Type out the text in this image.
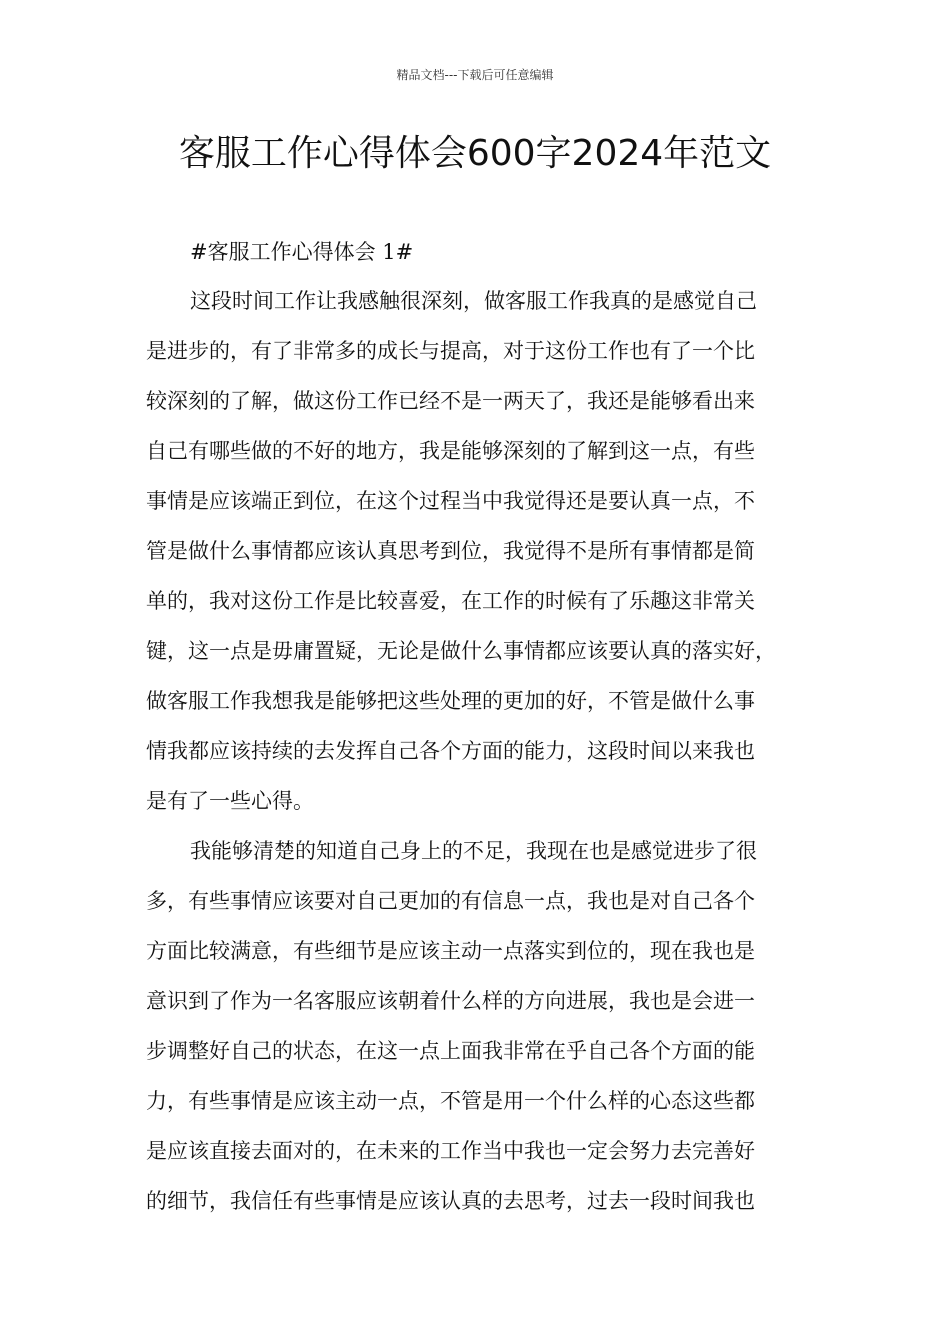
精品文档---下载后可任意编辑
客服工作心得体会600字2024年范文

#客服工作心得体会 1#

这段时间工作让我感触很深刻，做客服工作我真的是感觉自己
是进步的，有了非常多的成长与提高，对于这份工作也有了一个比
较深刻的了解，做这份工作已经不是一两天了，我还是能够看出来
自己有哪些做的不好的地方，我是能够深刻的了解到这一点，有些
事情是应该端正到位，在这个过程当中我觉得还是要认真一点，不
管是做什么事情都应该认真思考到位，我觉得不是所有事情都是简
单的，我对这份工作是比较喜爱，在工作的时候有了乐趣这非常关
键，这一点是毋庸置疑，无论是做什么事情都应该要认真的落实好，
做客服工作我想我是能够把这些处理的更加的好，不管是做什么事
情我都应该持续的去发挥自己各个方面的能力，这段时间以来我也
是有了一些心得。

我能够清楚的知道自己身上的不足，我现在也是感觉进步了很
多，有些事情应该要对自己更加的有信息一点，我也是对自己各个
方面比较满意，有些细节是应该主动一点落实到位的，现在我也是
意识到了作为一名客服应该朝着什么样的方向进展，我也是会进一
步调整好自己的状态，在这一点上面我非常在乎自己各个方面的能
力，有些事情是应该主动一点，不管是用一个什么样的心态这些都
是应该直接去面对的，在未来的工作当中我也一定会努力去完善好
的细节，我信任有些事情是应该认真的去思考，过去一段时间我也
